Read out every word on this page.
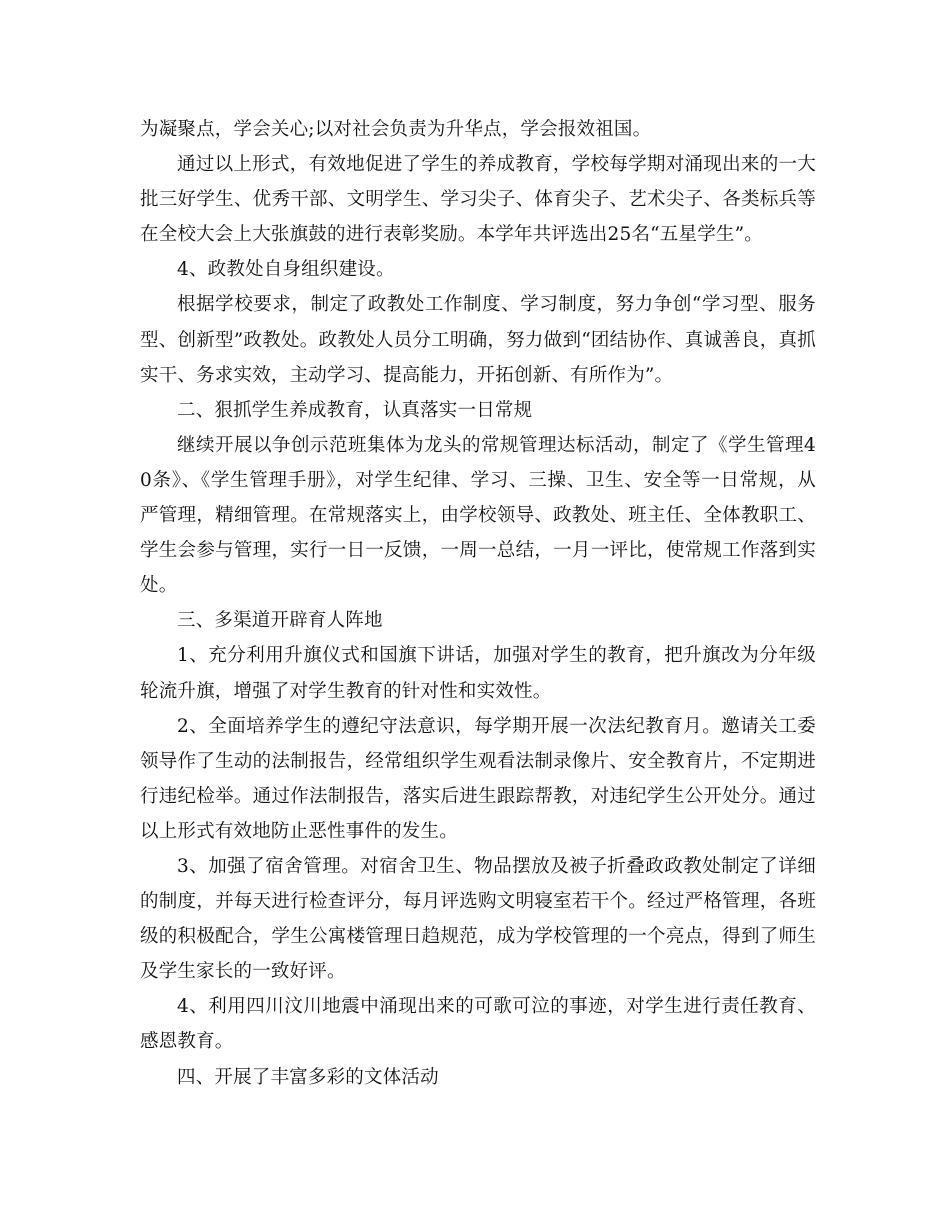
为凝聚点，学会关心;以对社会负责为升华点，学会报效祖国。

通过以上形式，有效地促进了学生的养成教育，学校每学期对涌现出来的一大批三好学生、优秀干部、文明学生、学习尖子、体育尖子、艺术尖子、各类标兵等在全校大会上大张旗鼓的进行表彰奖励。本学年共评选出25名“五星学生”。

4、政教处自身组织建设。

根据学校要求，制定了政教处工作制度、学习制度，努力争创“学习型、服务型、创新型”政教处。政教处人员分工明确，努力做到“团结协作、真诚善良，真抓实干、务求实效，主动学习、提高能力，开拓创新、有所作为”。

二、狠抓学生养成教育，认真落实一日常规

继续开展以争创示范班集体为龙头的常规管理达标活动，制定了《学生管理40条》、《学生管理手册》，对学生纪律、学习、三操、卫生、安全等一日常规，从严管理，精细管理。在常规落实上，由学校领导、政教处、班主任、全体教职工、学生会参与管理，实行一日一反馈，一周一总结，一月一评比，使常规工作落到实处。

三、多渠道开辟育人阵地

1、充分利用升旗仪式和国旗下讲话，加强对学生的教育，把升旗改为分年级轮流升旗，增强了对学生教育的针对性和实效性。

2、全面培养学生的遵纪守法意识，每学期开展一次法纪教育月。邀请关工委领导作了生动的法制报告，经常组织学生观看法制录像片、安全教育片，不定期进行违纪检举。通过作法制报告，落实后进生跟踪帮教，对违纪学生公开处分。通过以上形式有效地防止恶性事件的发生。

3、加强了宿舍管理。对宿舍卫生、物品摆放及被子折叠政政教处制定了详细的制度，并每天进行检查评分，每月评选购文明寝室若干个。经过严格管理，各班级的积极配合，学生公寓楼管理日趋规范，成为学校管理的一个亮点，得到了师生及学生家长的一致好评。

4、利用四川汶川地震中涌现出来的可歌可泣的事迹，对学生进行责任教育、感恩教育。

四、开展了丰富多彩的文体活动
